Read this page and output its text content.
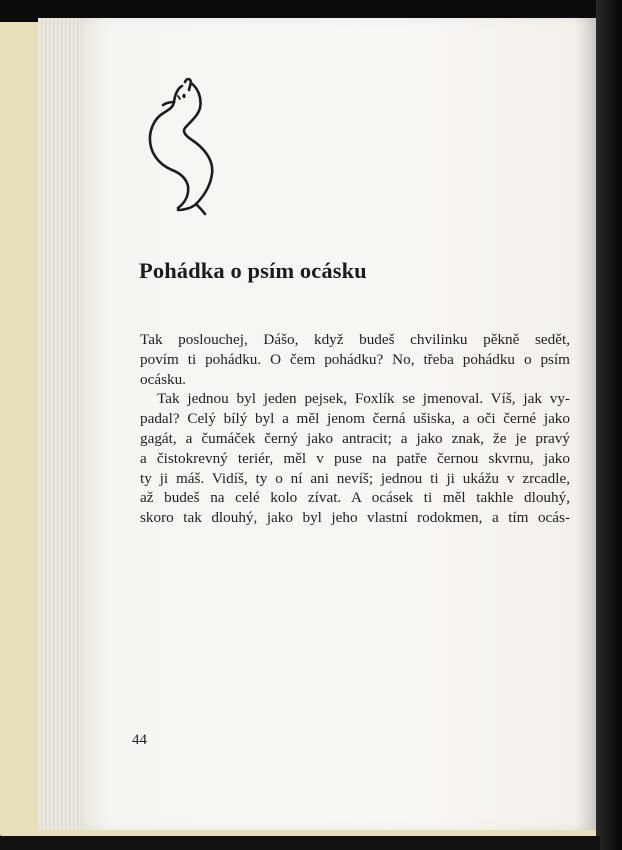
Pohádka o psím ocásku
Tak poslouchej, Dášo, když budeš chvilinku pěkně sedět,
povím ti pohádku. O čem pohádku? No, třeba pohádku o psím
ocásku.
Tak jednou byl jeden pejsek, Foxlík se jmenoval. Víš, jak vy-
padal? Celý bílý byl a měl jenom černá ušiska, a oči černé jako
gagát, a čumáček černý jako antracit; a jako znak, že je pravý
a čistokrevný teriér, měl v puse na patře černou skvrnu, jako
ty ji máš. Vidíš, ty o ní ani nevíš; jednou ti ji ukážu v zrcadle,
až budeš na celé kolo zívat. A ocásek ti měl takhle dlouhý,
skoro tak dlouhý, jako byl jeho vlastní rodokmen, a tím ocás-
44
